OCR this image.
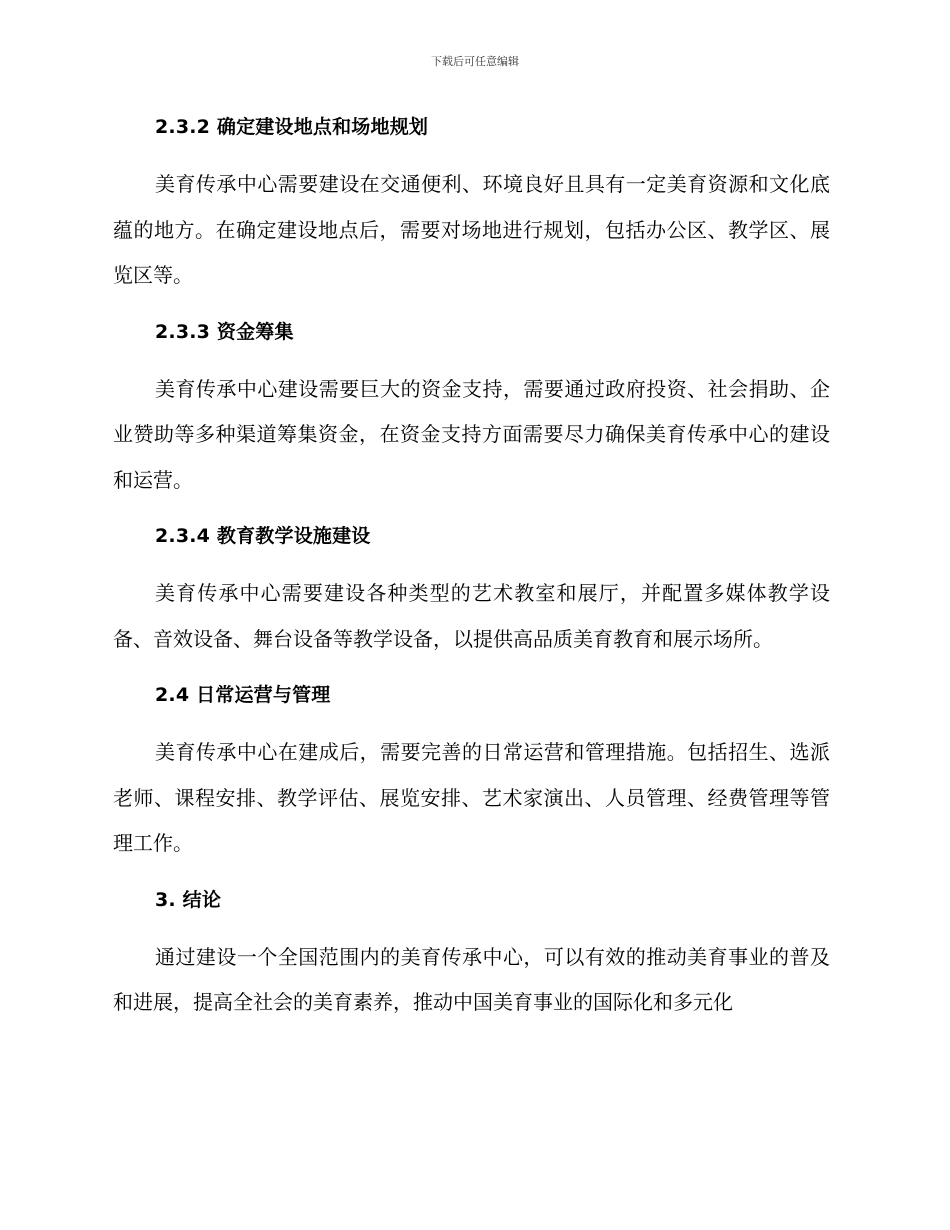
下载后可任意编辑
2.3.2 确定建设地点和场地规划

美育传承中心需要建设在交通便利、环境良好且具有一定美育资源和文化底蕴的地方。在确定建设地点后，需要对场地进行规划，包括办公区、教学区、展览区等。

2.3.3 资金筹集

美育传承中心建设需要巨大的资金支持，需要通过政府投资、社会捐助、企业赞助等多种渠道筹集资金，在资金支持方面需要尽力确保美育传承中心的建设和运营。

2.3.4 教育教学设施建设

美育传承中心需要建设各种类型的艺术教室和展厅，并配置多媒体教学设备、音效设备、舞台设备等教学设备，以提供高品质美育教育和展示场所。

2.4 日常运营与管理

美育传承中心在建成后，需要完善的日常运营和管理措施。包括招生、选派老师、课程安排、教学评估、展览安排、艺术家演出、人员管理、经费管理等管理工作。

3. 结论

通过建设一个全国范围内的美育传承中心，可以有效的推动美育事业的普及和进展，提高全社会的美育素养，推动中国美育事业的国际化和多元化
